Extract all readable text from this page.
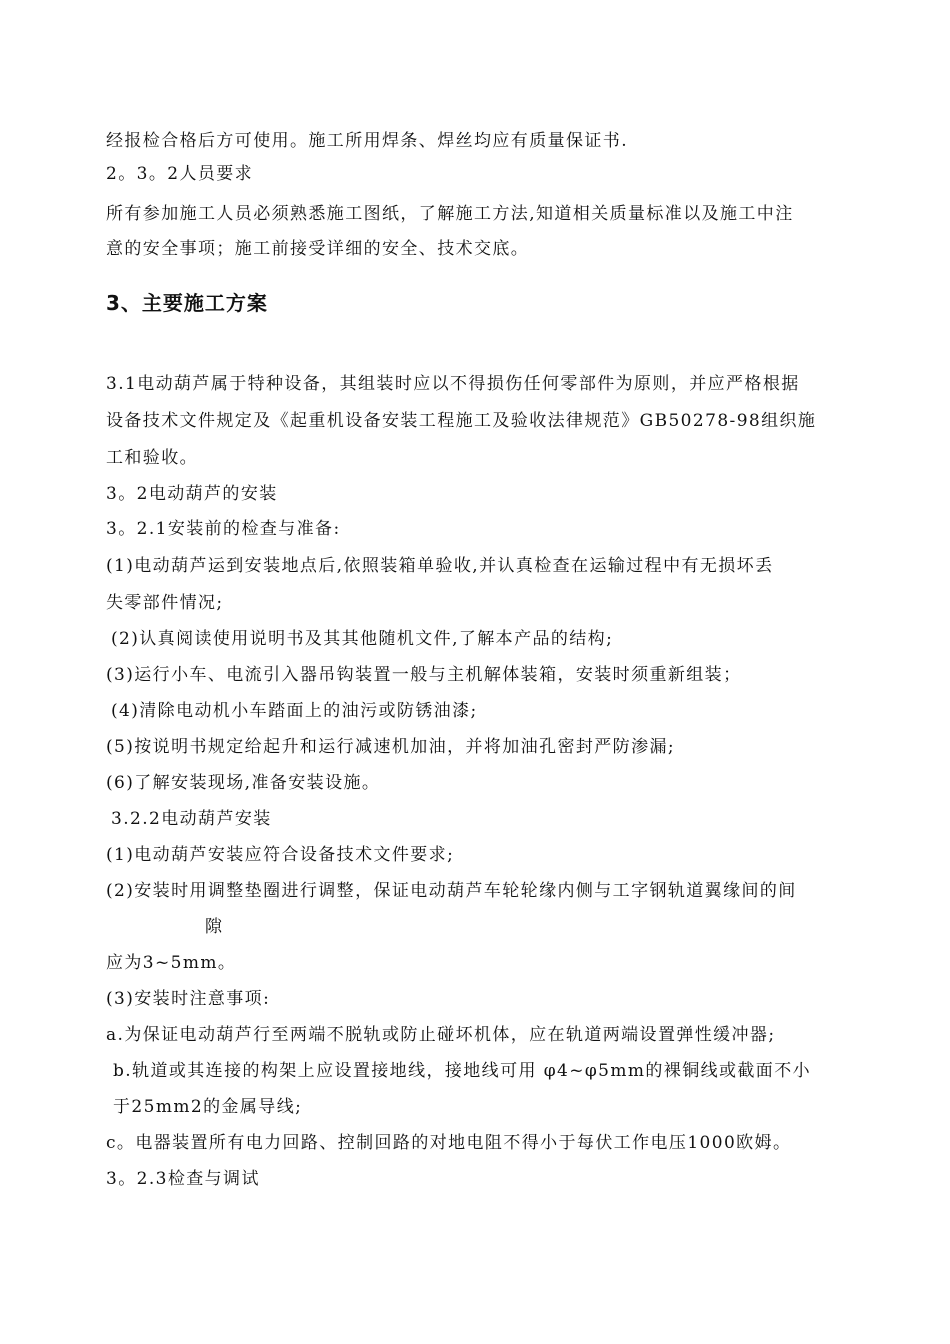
经报检合格后方可使用。施工所用焊条、焊丝均应有质量保证书.
2。3。2人员要求
所有参加施工人员必须熟悉施工图纸，了解施工方法,知道相关质量标准以及施工中注
意的安全事项；施工前接受详细的安全、技术交底。
3、主要施工方案
3.1电动葫芦属于特种设备，其组装时应以不得损伤任何零部件为原则，并应严格根据
设备技术文件规定及《起重机设备安装工程施工及验收法律规范》GB50278-98组织施
工和验收。
3。2电动葫芦的安装
3。2.1安装前的检查与准备:
(1)电动葫芦运到安装地点后,依照装箱单验收,并认真检查在运输过程中有无损坏丢
失零部件情况;
(2)认真阅读使用说明书及其其他随机文件,了解本产品的结构;
(3)运行小车、电流引入器吊钩装置一般与主机解体装箱，安装时须重新组装；
(4)清除电动机小车踏面上的油污或防锈油漆;
(5)按说明书规定给起升和运行减速机加油，并将加油孔密封严防渗漏;
(6)了解安装现场,准备安装设施。
3.2.2电动葫芦安装
(1)电动葫芦安装应符合设备技术文件要求;
(2)安装时用调整垫圈进行调整，保证电动葫芦车轮轮缘内侧与工字钢轨道翼缘间的间
隙
应为3~5mm。
(3)安装时注意事项:
a.为保证电动葫芦行至两端不脱轨或防止碰坏机体，应在轨道两端设置弹性缓冲器;
b.轨道或其连接的构架上应设置接地线，接地线可用 φ4~φ5mm的裸铜线或截面不小
于25mm2的金属导线;
c。电器装置所有电力回路、控制回路的对地电阻不得小于每伏工作电压1000欧姆。
3。2.3检查与调试
